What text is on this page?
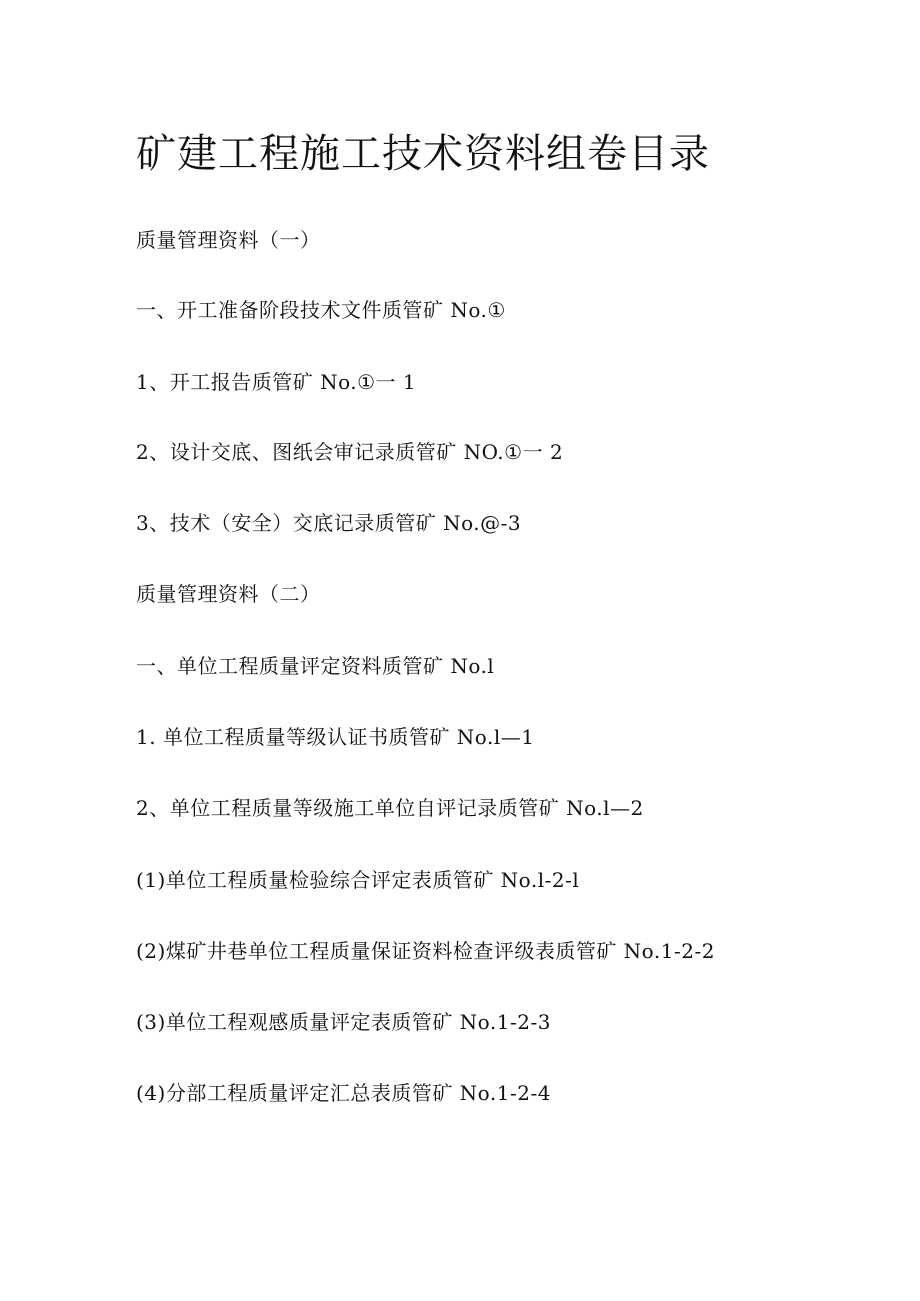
矿建工程施工技术资料组卷目录
质量管理资料（一）
一、开工准备阶段技术文件质管矿 No.①
1、开工报告质管矿 No.①一 1
2、设计交底、图纸会审记录质管矿 NO.①一 2
3、技术（安全）交底记录质管矿 No.@-3
质量管理资料（二）
一、单位工程质量评定资料质管矿 No.l
1. 单位工程质量等级认证书质管矿 No.l—1
2、单位工程质量等级施工单位自评记录质管矿 No.l—2
(1)单位工程质量检验综合评定表质管矿 No.l-2-l
(2)煤矿井巷单位工程质量保证资料检查评级表质管矿 No.1-2-2
(3)单位工程观感质量评定表质管矿 No.1-2-3
(4)分部工程质量评定汇总表质管矿 No.1-2-4
